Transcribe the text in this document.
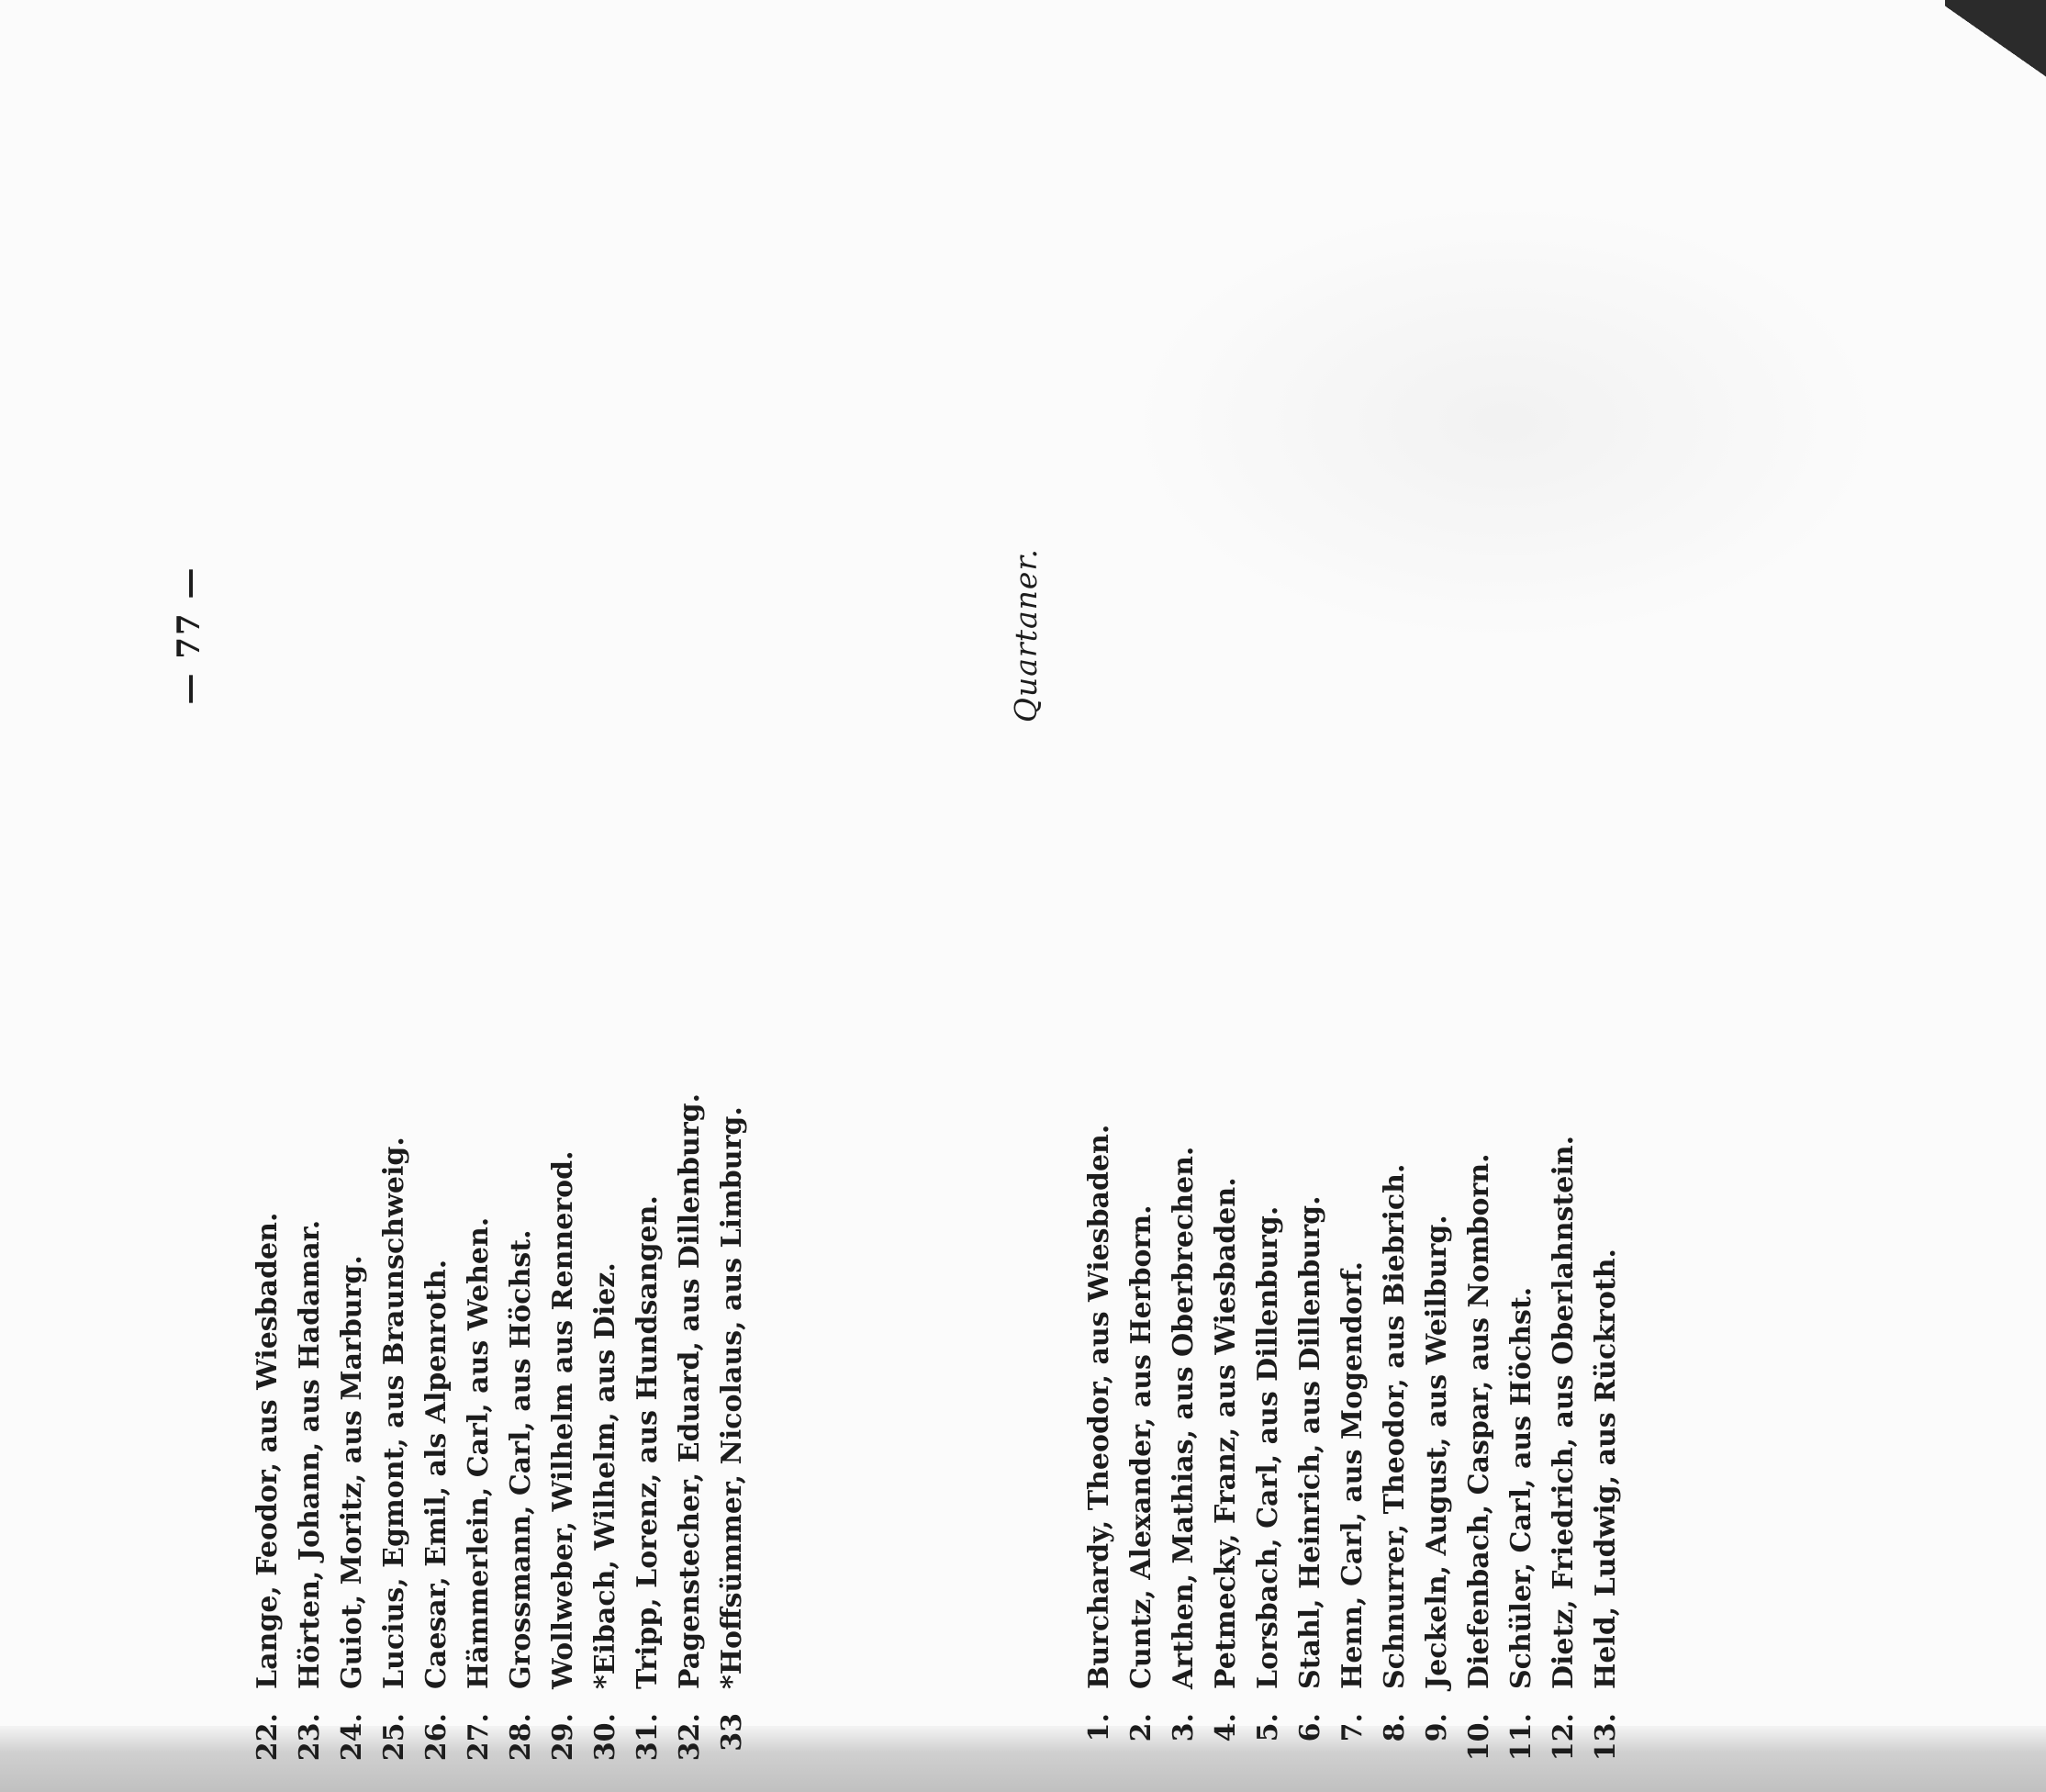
— 77 —
22.Lange, Feodor, aus Wiesbaden.
23.Hörten, Johann, aus Hadamar.
24.Guiot, Moritz, aus Marburg.
25.Lucius, Egmont, aus Braunschweig.
26.Caesar, Emil, als Alpenroth.
27.Hämmerlein, Carl, aus Wehen.
28.Grossmann, Carl, aus Höchst.
29.Wollweber, Wilhelm aus Rennerod.
30.*Eibach, Wilhelm, aus Diez.
31.Tripp, Lorenz, aus Hundsangen.
32.Pagenstecher, Eduard, aus Dillenburg.
33*Hoffsümmer, Nicolaus, aus Limburg.
Quartaner.
1.Burchardy, Theodor, aus Wiesbaden.
2.Cuntz, Alexander, aus Herborn.
3.Arthen, Mathias, aus Oberbrechen.
4.Petmecky, Franz, aus Wiesbaden.
5.Lorsbach, Carl, aus Dillenburg.
6.Stahl, Heinrich, aus Dillenburg.
7.Henn, Carl, aus Mogendorf.
8.Schnurrer, Theodor, aus Biebrich.
9.Jeckeln, August, aus Weilburg.
10.Diefenbach, Caspar, aus Nomborn.
11.Schüler, Carl, aus Höchst.
12.Dietz, Friedrich, aus Oberlahnstein.
13.Held, Ludwig, aus Rückroth.
